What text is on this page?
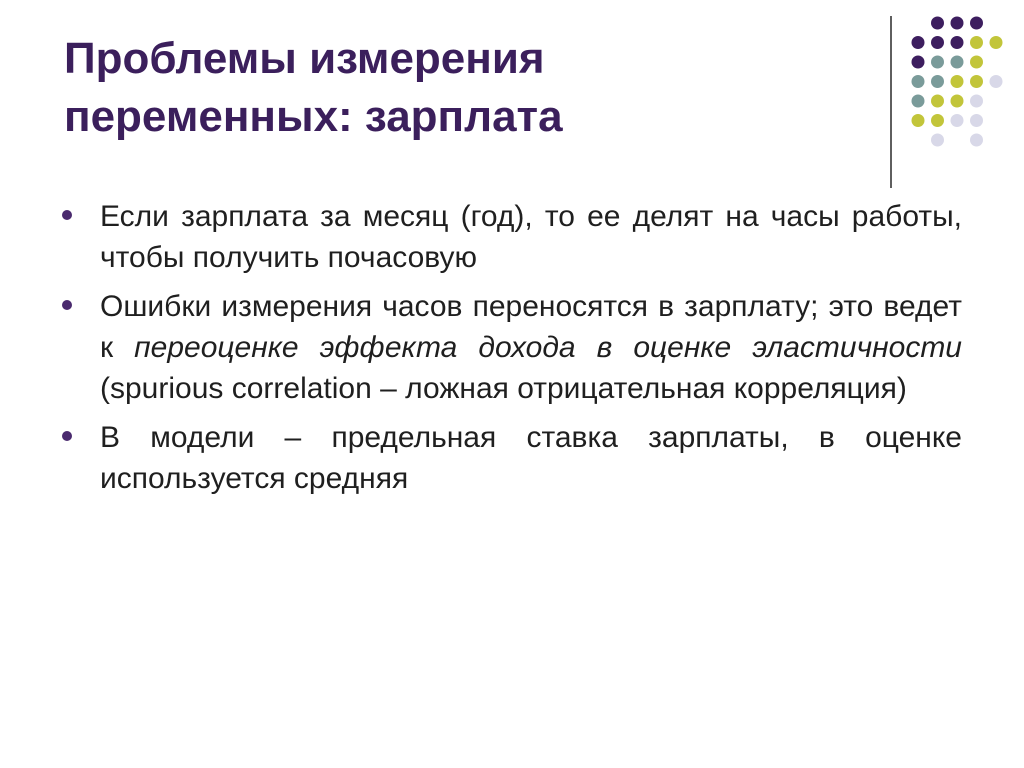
Проблемы измерения
переменных: зарплата
Если зарплата за месяц (год), то ее делят на часы работы, чтобы получить почасовую
Ошибки измерения часов переносятся в зарплату; это ведет к переоценке эффекта дохода в оценке эластичности (spurious correlation – ложная отрицательная корреляция)
В модели – предельная ставка зарплаты, в оценке используется средняя
